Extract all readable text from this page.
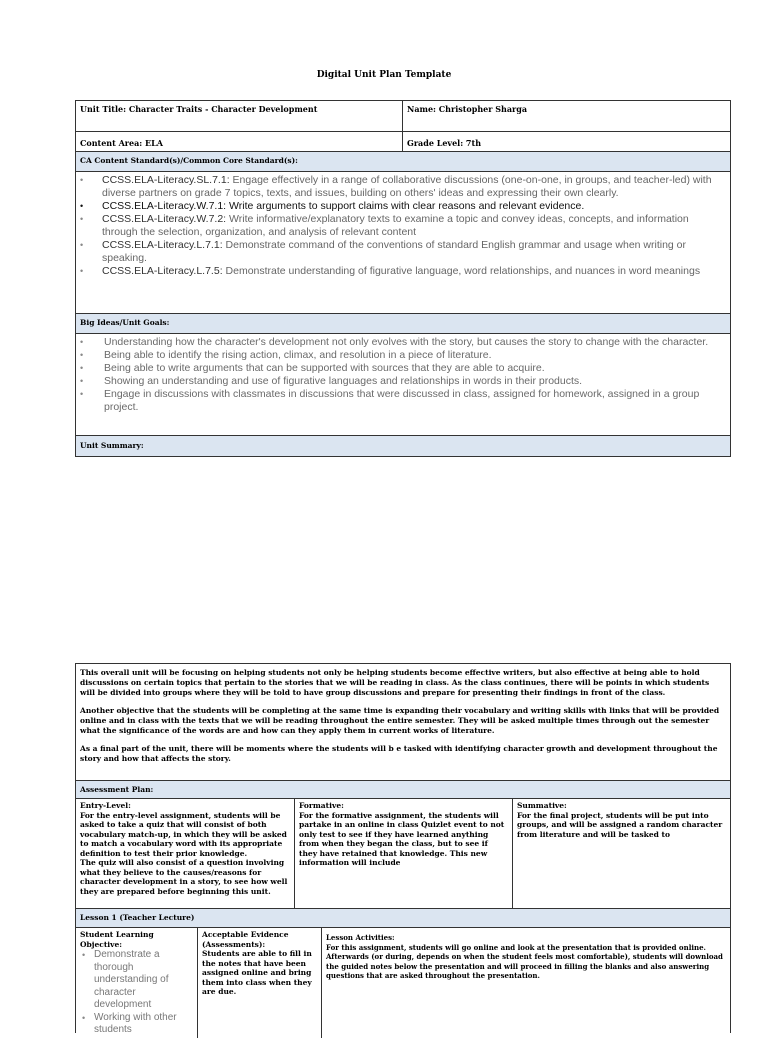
Digital Unit Plan Template
Unit Title: Character Traits - Character Development	Name: Christopher Sharga
Content Area: ELA	Grade Level: 7th
CA Content Standard(s)/Common Core Standard(s):
• CCSS.ELA-Literacy.SL.7.1: Engage effectively in a range of collaborative discussions (one-on-one, in groups, and teacher-led) with diverse partners on grade 7 topics, texts, and issues, building on others' ideas and expressing their own clearly.
• CCSS.ELA-Literacy.W.7.1: Write arguments to support claims with clear reasons and relevant evidence.
• CCSS.ELA-Literacy.W.7.2: Write informative/explanatory texts to examine a topic and convey ideas, concepts, and information through the selection, organization, and analysis of relevant content
• CCSS.ELA-Literacy.L.7.1: Demonstrate command of the conventions of standard English grammar and usage when writing or speaking.
• CCSS.ELA-Literacy.L.7.5: Demonstrate understanding of figurative language, word relationships, and nuances in word meanings
Big Ideas/Unit Goals:
• Understanding how the character's development not only evolves with the story, but causes the story to change with the character.
• Being able to identify the rising action, climax, and resolution in a piece of literature.
• Being able to write arguments that can be supported with sources that they are able to acquire.
• Showing an understanding and use of figurative languages and relationships in words in their products.
• Engage in discussions with classmates in discussions that were discussed in class, assigned for homework, assigned in a group project.
Unit Summary:

This overall unit will be focusing on helping students not only be helping students become effective writers, but also effective at being able to hold discussions on certain topics that pertain to the stories that we will be reading in class. As the class continues, there will be points in which students will be divided into groups where they will be told to have group discussions and prepare for presenting their findings in front of the class.

Another objective that the students will be completing at the same time is expanding their vocabulary and writing skills with links that will be provided online and in class with the texts that we will be reading throughout the entire semester. They will be asked multiple times through out the semester what the significance of the words are and how can they apply them in current works of literature.

As a final part of the unit, there will be moments where the students will b e tasked with identifying character growth and development throughout the story and how that affects the story.

Assessment Plan:
Entry-Level:
For the entry-level assignment, students will be asked to take a quiz that will consist of both vocabulary match-up, in which they will be asked to match a vocabulary word with its appropriate definition to test their prior knowledge.
The quiz will also consist of a question involving what they believe to the causes/reasons for character development in a story, to see how well they are prepared before beginning this unit.
Formative:
For the formative assignment, the students will partake in an online in class Quizlet event to not only test to see if they have learned anything from when they began the class, but to see if they have retained that knowledge. This new information will include
Summative:
For the final project, students will be put into groups, and will be assigned a random character from literature and will be tasked to
Lesson 1 (Teacher Lecture)
Student Learning Objective:
• Demonstrate a thorough understanding of character development
• Working with other students
Acceptable Evidence (Assessments):
Students are able to fill in the notes that have been assigned online and bring them into class when they are due.
Lesson Activities:
For this assignment, students will go online and look at the presentation that is provided online. Afterwards (or during, depends on when the student feels most comfortable), students will download the guided notes below the presentation and will proceed in filling the blanks and also answering questions that are asked throughout the presentation.
